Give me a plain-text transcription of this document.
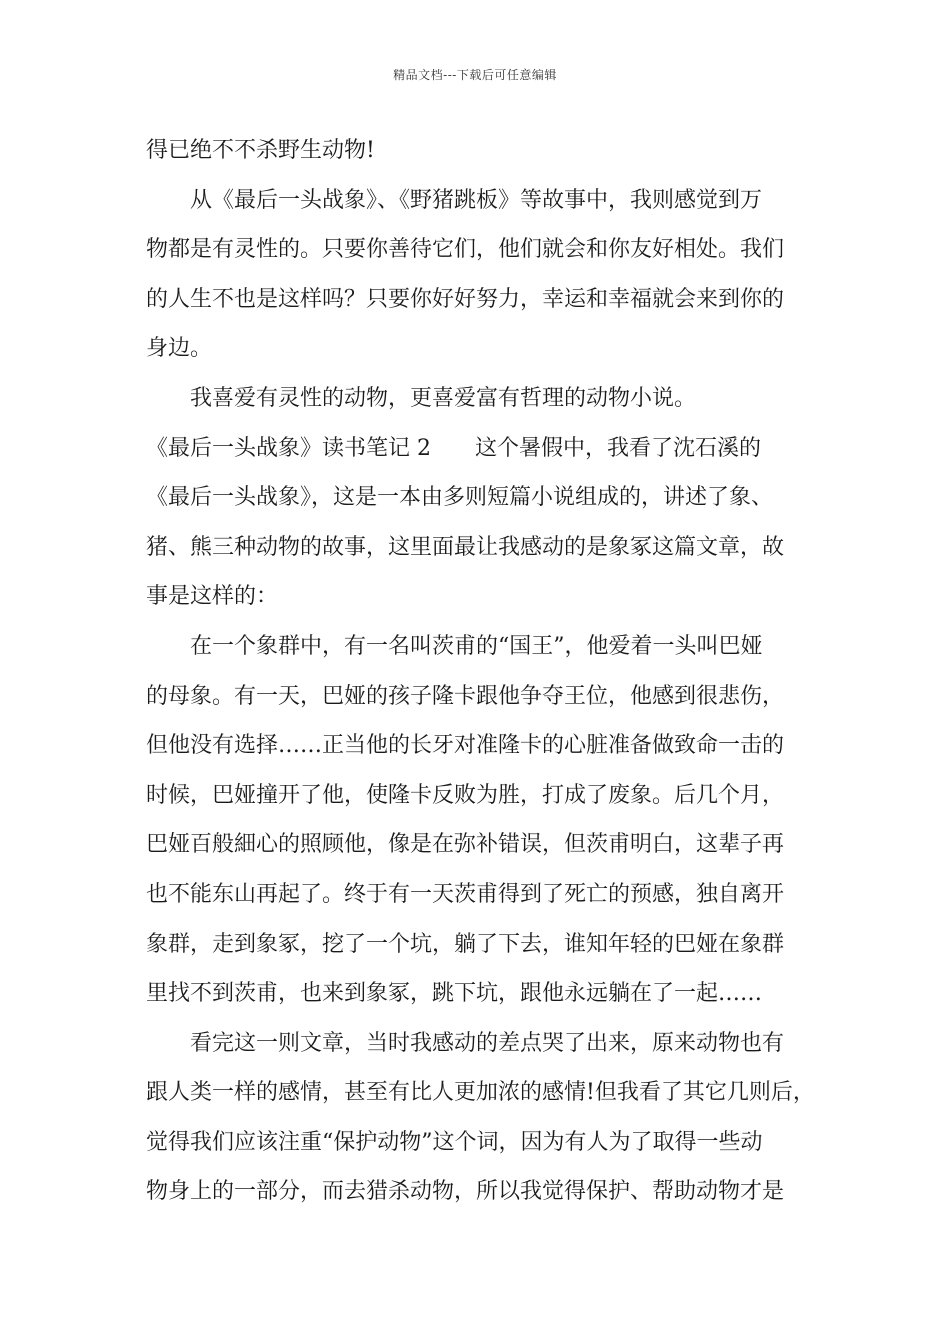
精品文档---下载后可任意编辑
得已绝不不杀野生动物!
从《最后一头战象》、《野猪跳板》等故事中，我则感觉到万
物都是有灵性的。只要你善待它们，他们就会和你友好相处。我们
的人生不也是这样吗？只要你好好努力，幸运和幸福就会来到你的
身边。
我喜爱有灵性的动物，更喜爱富有哲理的动物小说。
《最后一头战象》读书笔记 2　　这个暑假中，我看了沈石溪的
《最后一头战象》，这是一本由多则短篇小说组成的，讲述了象、
猪、熊三种动物的故事，这里面最让我感动的是象冢这篇文章，故
事是这样的：
在一个象群中，有一名叫茨甫的“国王”，他爱着一头叫巴娅
的母象。有一天，巴娅的孩子隆卡跟他争夺王位，他感到很悲伤，
但他没有选择……正当他的长牙对准隆卡的心脏准备做致命一击的
时候，巴娅撞开了他，使隆卡反败为胜，打成了废象。后几个月，
巴娅百般細心的照顾他，像是在弥补错误，但茨甫明白，这辈子再
也不能东山再起了。终于有一天茨甫得到了死亡的预感，独自离开
象群，走到象冢，挖了一个坑，躺了下去，谁知年轻的巴娅在象群
里找不到茨甫，也来到象冢，跳下坑，跟他永远躺在了一起……
看完这一则文章，当时我感动的差点哭了出来，原来动物也有
跟人类一样的感情，甚至有比人更加浓的感情!但我看了其它几则后，
觉得我们应该注重“保护动物”这个词，因为有人为了取得一些动
物身上的一部分，而去猎杀动物，所以我觉得保护、帮助动物才是
